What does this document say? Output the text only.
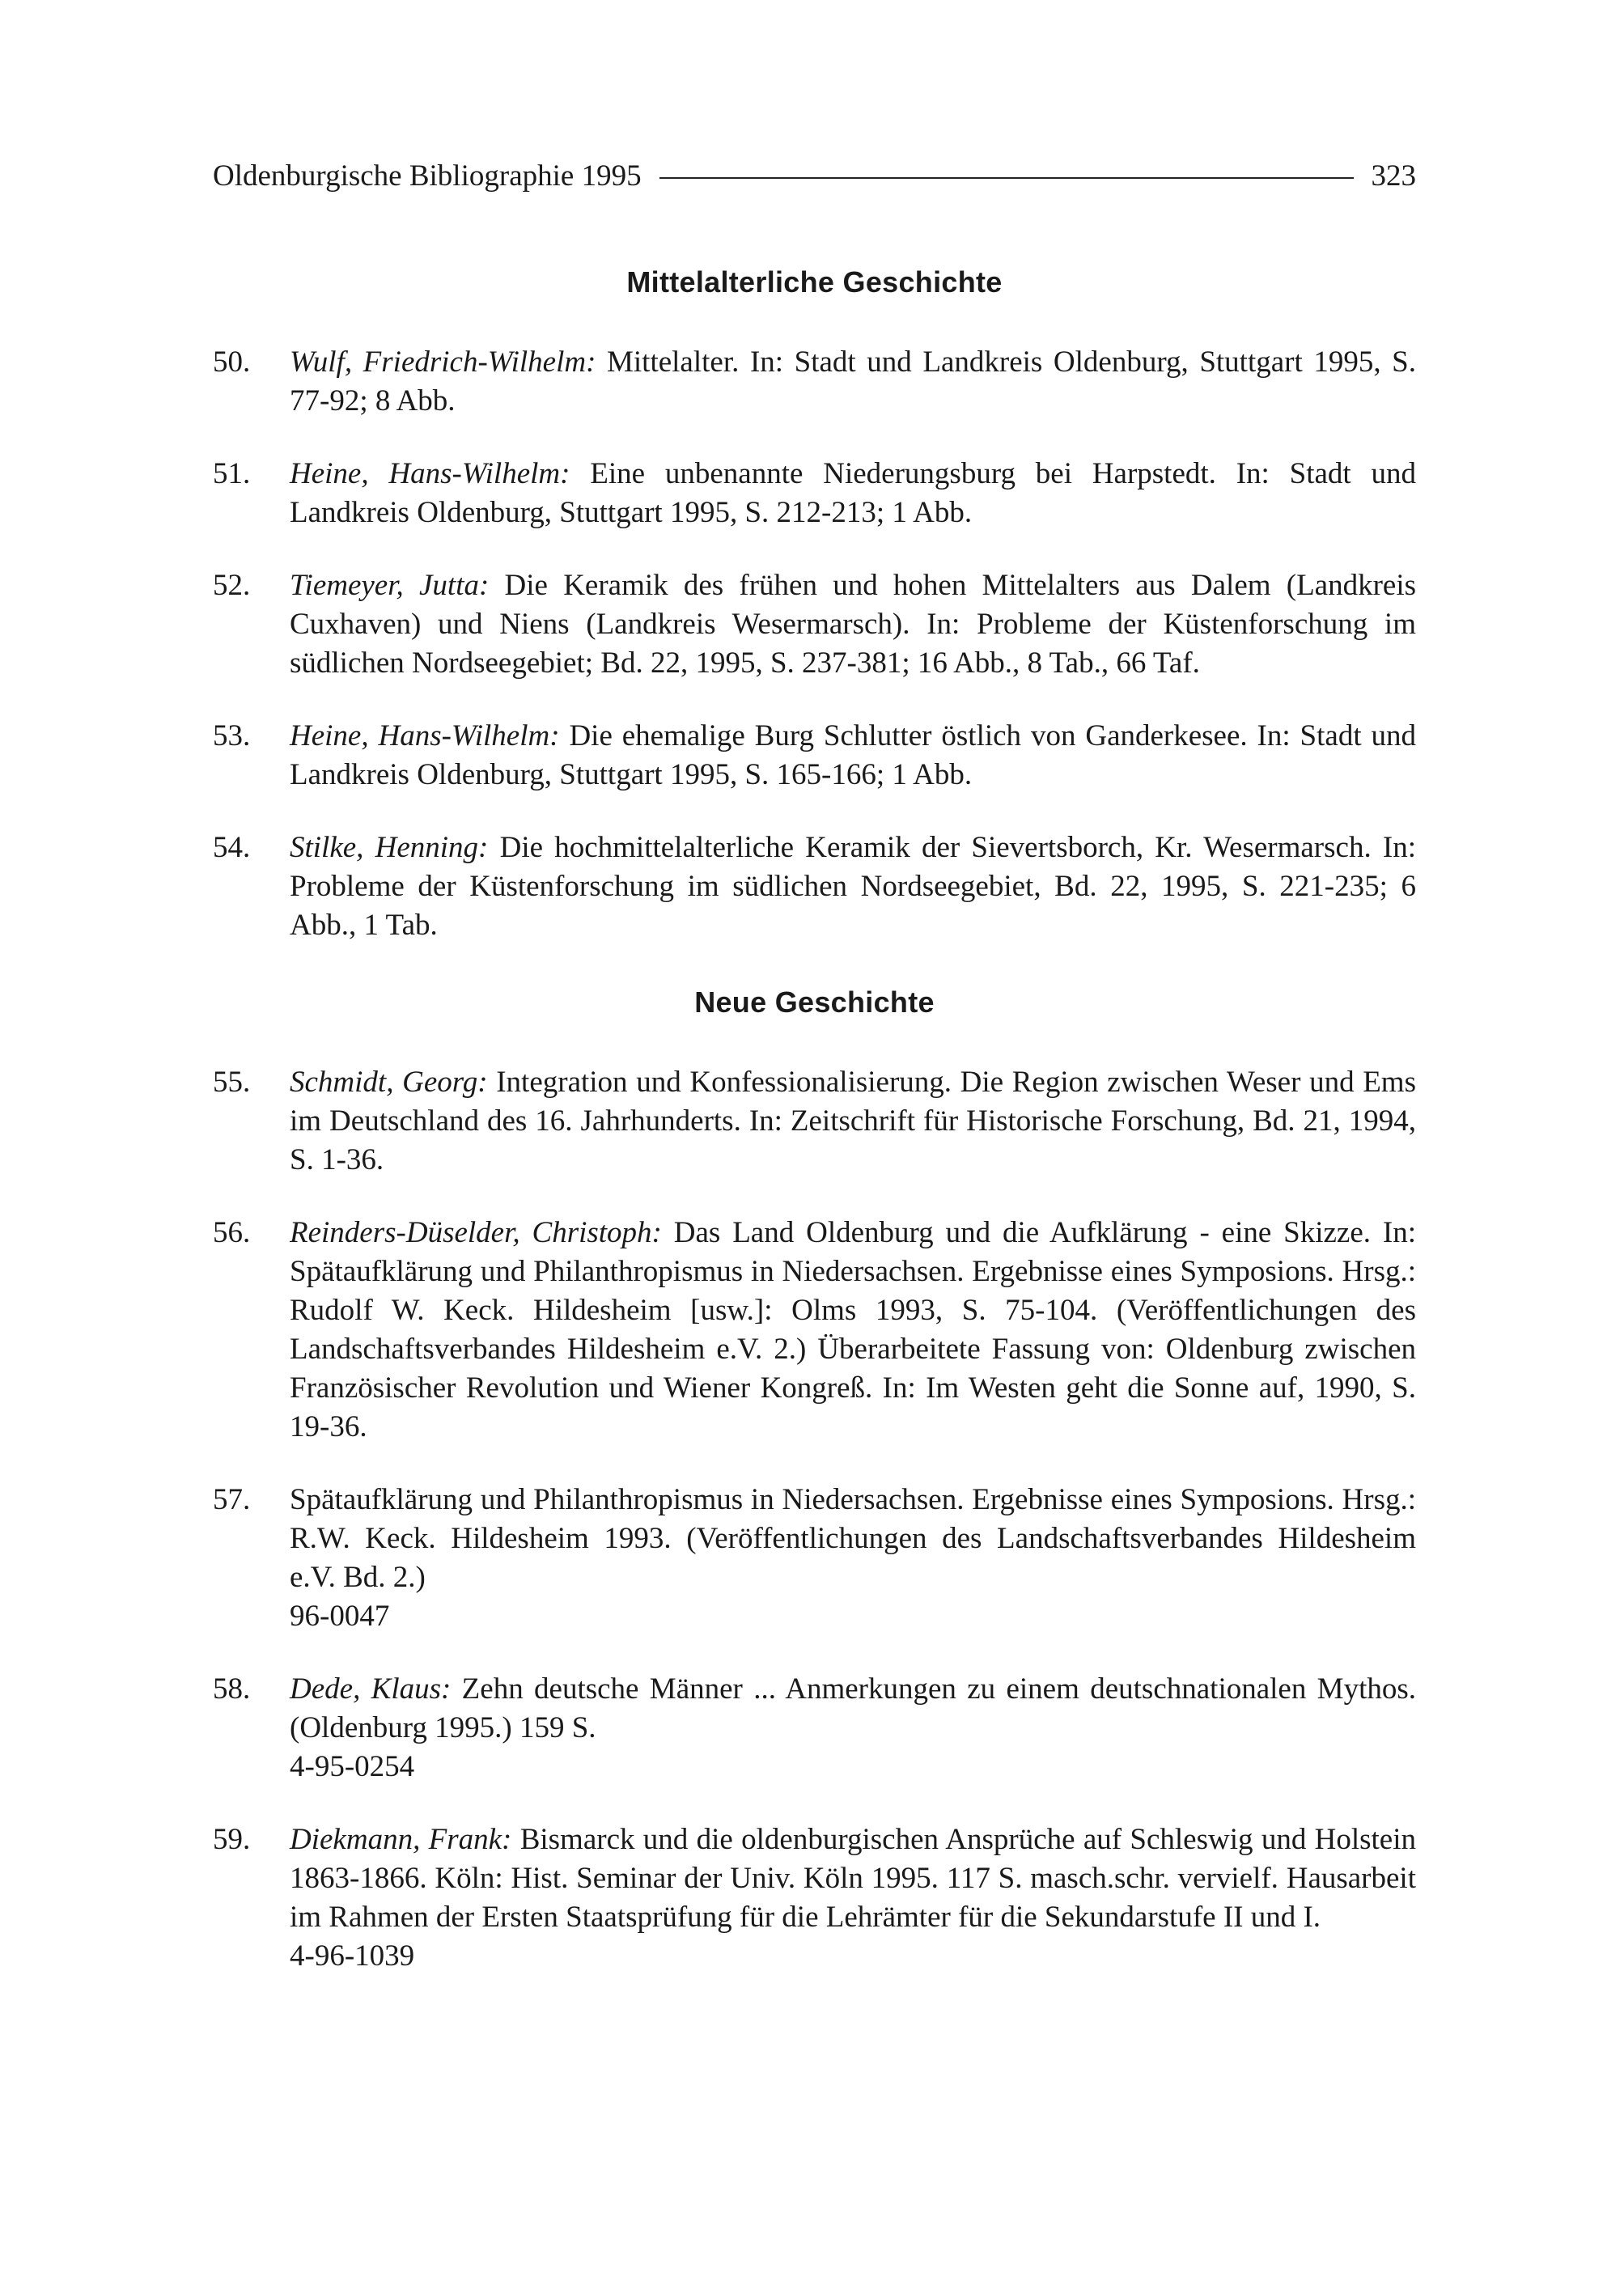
Oldenburgische Bibliographie 1995	323
Mittelalterliche Geschichte
50.	Wulf, Friedrich-Wilhelm: Mittelalter. In: Stadt und Landkreis Oldenburg, Stuttgart 1995, S. 77-92; 8 Abb.
51.	Heine, Hans-Wilhelm: Eine unbenannte Niederungsburg bei Harpstedt. In: Stadt und Landkreis Oldenburg, Stuttgart 1995, S. 212-213; 1 Abb.
52.	Tiemeyer, Jutta: Die Keramik des frühen und hohen Mittelalters aus Dalem (Landkreis Cuxhaven) und Niens (Landkreis Wesermarsch). In: Probleme der Küstenforschung im südlichen Nordseegebiet; Bd. 22, 1995, S. 237-381; 16 Abb., 8 Tab., 66 Taf.
53.	Heine, Hans-Wilhelm: Die ehemalige Burg Schlutter östlich von Ganderkesee. In: Stadt und Landkreis Oldenburg, Stuttgart 1995, S. 165-166; 1 Abb.
54.	Stilke, Henning: Die hochmittelalterliche Keramik der Sievertsborch, Kr. Wesermarsch. In: Probleme der Küstenforschung im südlichen Nordseegebiet, Bd. 22, 1995, S. 221-235; 6 Abb., 1 Tab.
Neue Geschichte
55.	Schmidt, Georg: Integration und Konfessionalisierung. Die Region zwischen Weser und Ems im Deutschland des 16. Jahrhunderts. In: Zeitschrift für Historische Forschung, Bd. 21, 1994, S. 1-36.
56.	Reinders-Düselder, Christoph: Das Land Oldenburg und die Aufklärung - eine Skizze. In: Spätaufklärung und Philanthropismus in Niedersachsen. Ergebnisse eines Symposions. Hrsg.: Rudolf W. Keck. Hildesheim [usw.]: Olms 1993, S. 75-104. (Veröffentlichungen des Landschaftsverbandes Hildesheim e.V. 2.) Überarbeitete Fassung von: Oldenburg zwischen Französischer Revolution und Wiener Kongreß. In: Im Westen geht die Sonne auf, 1990, S. 19-36.
57.	Spätaufklärung und Philanthropismus in Niedersachsen. Ergebnisse eines Symposions. Hrsg.: R.W. Keck. Hildesheim 1993. (Veröffentlichungen des Landschaftsverbandes Hildesheim e.V. Bd. 2.)
96-0047
58.	Dede, Klaus: Zehn deutsche Männer ... Anmerkungen zu einem deutschnationalen Mythos. (Oldenburg 1995.) 159 S.
4-95-0254
59.	Diekmann, Frank: Bismarck und die oldenburgischen Ansprüche auf Schleswig und Holstein 1863-1866. Köln: Hist. Seminar der Univ. Köln 1995. 117 S. masch.schr. vervielf. Hausarbeit im Rahmen der Ersten Staatsprüfung für die Lehrämter für die Sekundarstufe II und I.
4-96-1039
